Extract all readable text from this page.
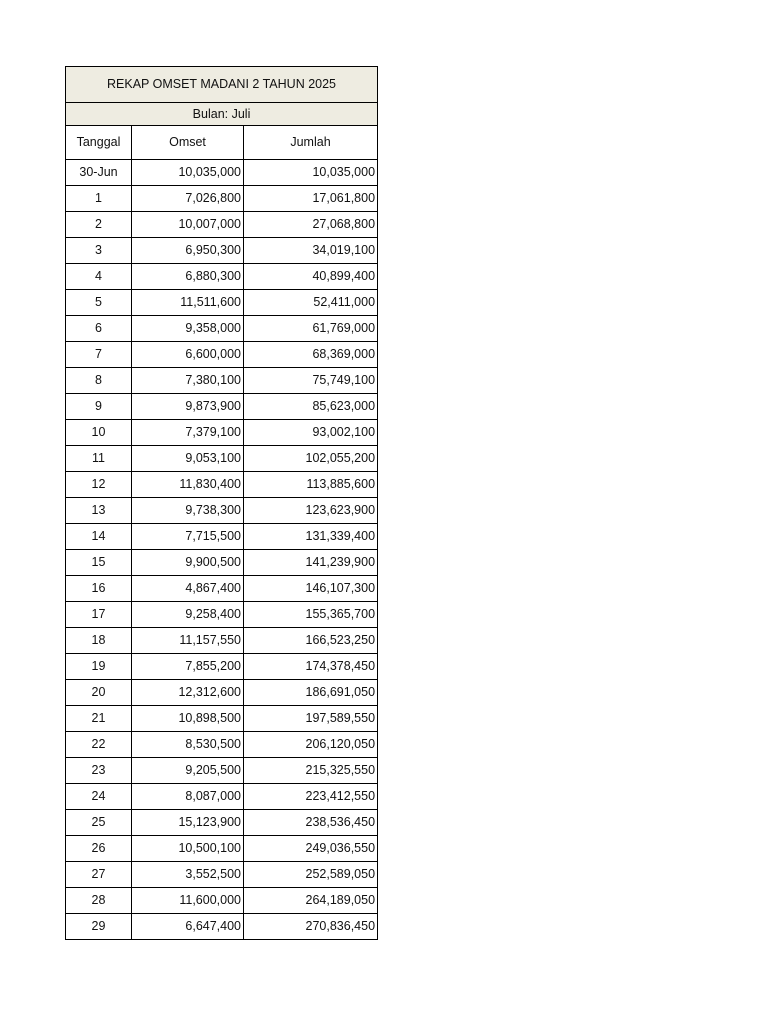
REKAP OMSET MADANI 2 TAHUN 2025		
Bulan: Juli		
Tanggal	Omset	Jumlah
30-Jun	10,035,000	10,035,000
1	7,026,800	17,061,800
2	10,007,000	27,068,800
3	6,950,300	34,019,100
4	6,880,300	40,899,400
5	11,511,600	52,411,000
6	9,358,000	61,769,000
7	6,600,000	68,369,000
8	7,380,100	75,749,100
9	9,873,900	85,623,000
10	7,379,100	93,002,100
11	9,053,100	102,055,200
12	11,830,400	113,885,600
13	9,738,300	123,623,900
14	7,715,500	131,339,400
15	9,900,500	141,239,900
16	4,867,400	146,107,300
17	9,258,400	155,365,700
18	11,157,550	166,523,250
19	7,855,200	174,378,450
20	12,312,600	186,691,050
21	10,898,500	197,589,550
22	8,530,500	206,120,050
23	9,205,500	215,325,550
24	8,087,000	223,412,550
25	15,123,900	238,536,450
26	10,500,100	249,036,550
27	3,552,500	252,589,050
28	11,600,000	264,189,050
29	6,647,400	270,836,450
